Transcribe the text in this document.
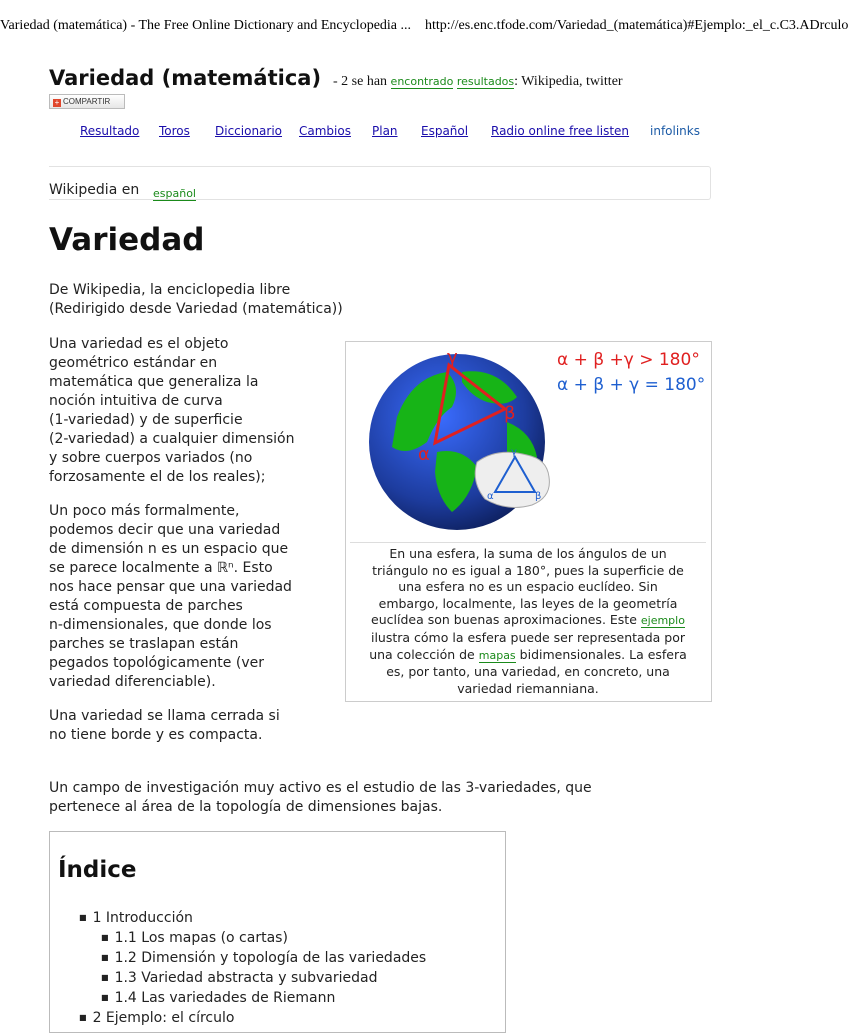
Variedad (matemática) - The Free Online Dictionary and Encyclopedia ... http://es.enc.tfode.com/Variedad_(matemática)#Ejemplo:_el_c.C3.ADrculo
Variedad (matemática) - 2 se han encontrado resultados: Wikipedia, twitter
+ COMPARTIR
Resultado Toros Diccionario Cambios Plan Español Radio online free listen infolinks
Wikipedia en español
Variedad

De Wikipedia, la enciclopedia libre

(Redirigido desde Variedad (matemática))

Una variedad es el objeto
geométrico estándar en
matemática que generaliza la
noción intuitiva de curva
(1-variedad) y de superficie
(2-variedad) a cualquier dimensión
y sobre cuerpos variados (no
forzosamente el de los reales);
Un poco más formalmente,
podemos decir que una variedad
de dimensión n es un espacio que
se parece localmente a ℝⁿ. Esto
nos hace pensar que una variedad
está compuesta de parches
n-dimensionales, que donde los
parches se traslapan están
pegados topológicamente (ver
variedad diferenciable).
Una variedad se llama cerrada si
no tiene borde y es compacta.
Un campo de investigación muy activo es el estudio de las 3-variedades, que
pertenece al área de la topología de dimensiones bajas.
γ
β
α	γ
α	β
α + β +γ > 180°
α + β + γ = 180°
En una esfera, la suma de los ángulos de un
triángulo no es igual a 180°, pues la superficie de
una esfera no es un espacio euclídeo. Sin
embargo, localmente, las leyes de la geometría
euclídea son buenas aproximaciones. Este ejemplo
ilustra cómo la esfera puede ser representada por
una colección de mapas bidimensionales. La esfera
es, por tanto, una variedad, en concreto, una
variedad riemanniana.
Índice
■ 1 Introducción
■ 1.1 Los mapas (o cartas)
■ 1.2 Dimensión y topología de las variedades
■ 1.3 Variedad abstracta y subvariedad
■ 1.4 Las variedades de Riemann
■ 2 Ejemplo: el círculo
